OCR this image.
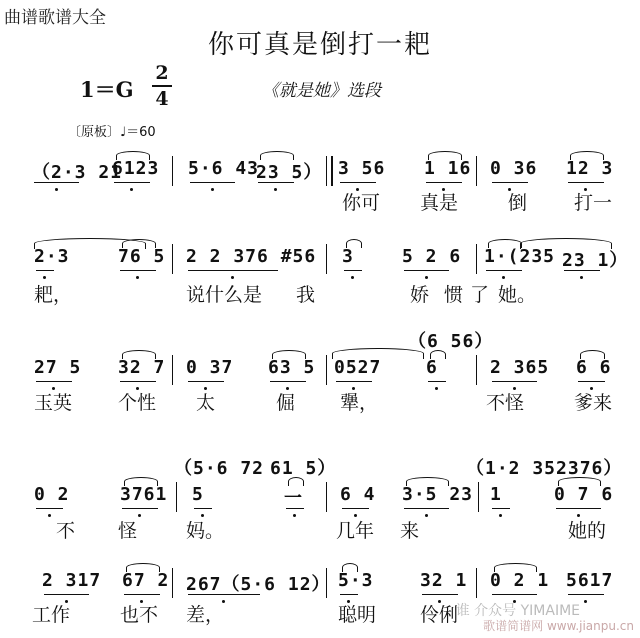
曲谱歌谱大全
你可真是倒打一耙
1＝G
2
4	《就是她》选段
〔原板〕♩＝60
（2·3 21
6123 5·6 43
23 5） 3 56 1 16 0 36 12 3
你可 真是	倒 打一
2·3	76 5 2 2 376 #56 3	5 2 6 1·(235 23 1）
耙，	说什么是 我	娇 惯 了 她。
（6 56）
27 5 32 7 0 37 63 5 0527 6	2 365 6 6
玉英 个性 太	倔 犟，	不怪	爹来
（5·6 72 61 5）	（1·2 352376）
0 2	3761 5	一 6 4 3·5 23 1	0 7 6
不 怪	妈。	几年 来	她的
2 317 67 2 267（5·6 12） 5·3	32 1 0 2 1 5617
工作	也不 差，	聪明 伶俐
谁 介众号 YIMAIME
歌谱简谱网 www.jianpu.cn
